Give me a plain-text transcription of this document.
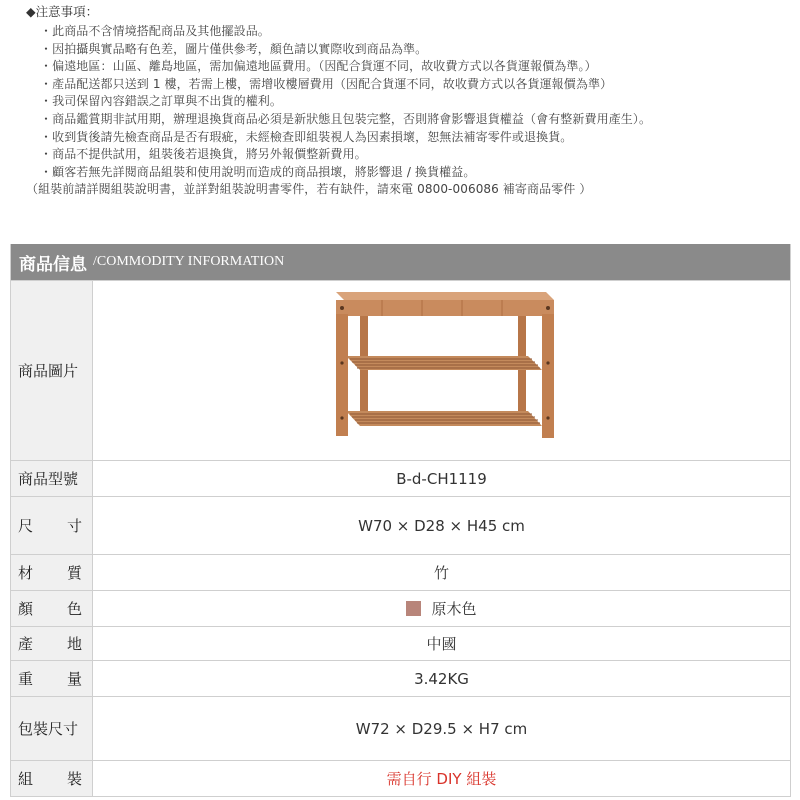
◆注意事項：
・此商品不含情境搭配商品及其他擺設品。
・因拍攝與實品略有色差，圖片僅供參考，顏色請以實際收到商品為準。
・偏遠地區：山區、離島地區，需加偏遠地區費用。（因配合貨運不同，故收費方式以各貨運報價為準。）
・產品配送都只送到 1 樓，若需上樓，需增收樓層費用（因配合貨運不同，故收費方式以各貨運報價為準）
・我司保留內容錯誤之訂單與不出貨的權利。
・商品鑑賞期非試用期，辦理退換貨商品必須是新狀態且包裝完整，否則將會影響退貨權益（會有整新費用產生）。
・收到貨後請先檢查商品是否有瑕疵，未經檢查即組裝視人為因素損壞，恕無法補寄零件或退換貨。
・商品不提供試用，組裝後若退換貨，將另外報價整新費用。
・顧客若無先詳閱商品組裝和使用說明而造成的商品損壞，將影響退 / 換貨權益。
（組裝前請詳閱組裝說明書，並詳對組裝說明書零件，若有缺件，請來電 0800-006086 補寄商品零件 ）
商品信息 /COMMODITY INFORMATION
商品圖片
商品型號	B-d-CH1119
尺 寸	W70 × D28 × H45 cm
材 質	竹
顏 色	原木色
產 地	中國
重 量	3.42KG
包裝尺寸	W72 × D29.5 × H7 cm
組 裝	需自行 DIY 組裝
